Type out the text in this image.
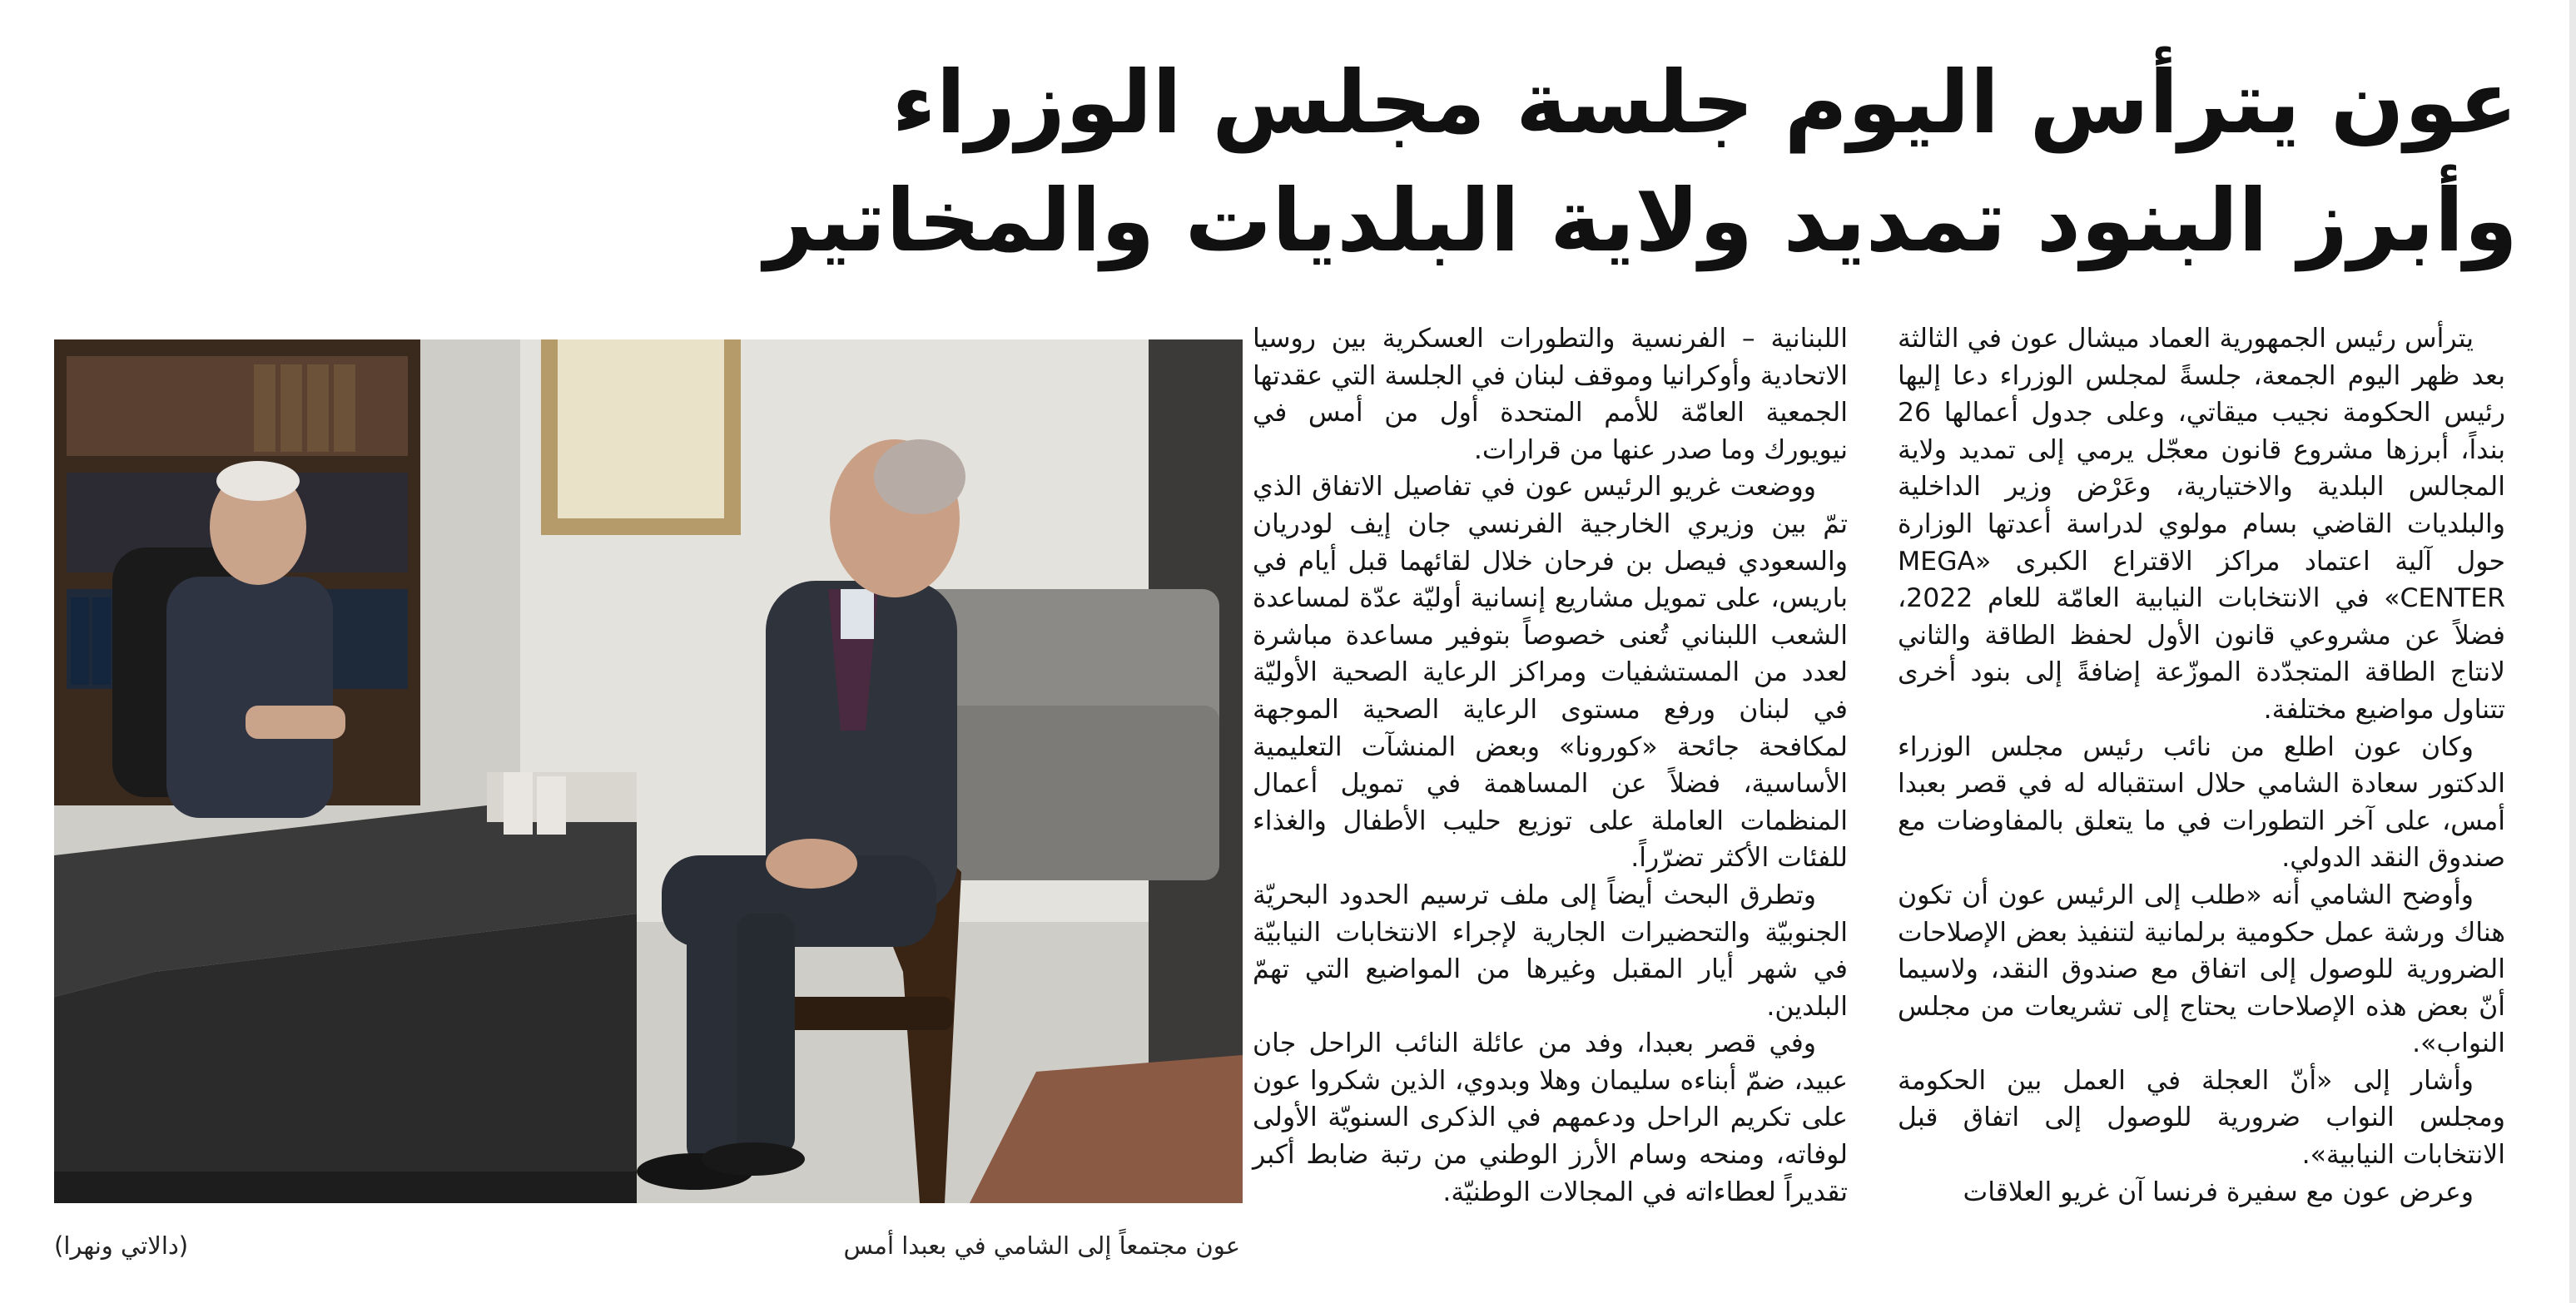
عون يترأس اليوم جلسة مجلس الوزراء
وأبرز البنود تمديد ولاية البلديات والمخاتير

يترأس رئيس الجمهورية العماد ميشال عون في الثالثة بعد ظهر اليوم الجمعة، جلسةً لمجلس الوزراء دعا إليها رئيس الحكومة نجيب ميقاتي، وعلى جدول أعمالها 26 بنداً، أبرزها مشروع قانون معجّل يرمي إلى تمديد ولاية المجالس البلدية والاختيارية، وعَرْض وزير الداخلية والبلديات القاضي بسام مولوي لدراسة أعدتها الوزارة حول آلية اعتماد مراكز الاقتراع الكبرى «MEGA CENTER» في الانتخابات النيابية العامّة للعام 2022، فضلاً عن مشروعي قانون الأول لحفظ الطاقة والثاني لانتاج الطاقة المتجدّدة الموزّعة إضافةً إلى بنود أخرى تتناول مواضيع مختلفة.

وكان عون اطلع من نائب رئيس مجلس الوزراء الدكتور سعادة الشامي حلال استقباله له في قصر بعبدا أمس، على آخر التطورات في ما يتعلق بالمفاوضات مع صندوق النقد الدولي.

وأوضح الشامي أنه «طلب إلى الرئيس عون أن تكون هناك ورشة عمل حكومية برلمانية لتنفيذ بعض الإصلاحات الضرورية للوصول إلى اتفاق مع صندوق النقد، ولاسيما أنّ بعض هذه الإصلاحات يحتاج إلى تشريعات من مجلس النواب».

وأشار إلى «أنّ العجلة في العمل بين الحكومة ومجلس النواب ضرورية للوصول إلى اتفاق قبل الانتخابات النيابية».

وعرض عون مع سفيرة فرنسا آن غريو العلاقات

اللبنانية – الفرنسية والتطورات العسكرية بين روسيا الاتحادية وأوكرانيا وموقف لبنان في الجلسة التي عقدتها الجمعية العامّة للأمم المتحدة أول من أمس في نيويورك وما صدر عنها من قرارات.

ووضعت غريو الرئيس عون في تفاصيل الاتفاق الذي تمّ بين وزيري الخارجية الفرنسي جان إيف لودريان والسعودي فيصل بن فرحان خلال لقائهما قبل أيام في باريس، على تمويل مشاريع إنسانية أوليّة عدّة لمساعدة الشعب اللبناني تُعنى خصوصاً بتوفير مساعدة مباشرة لعدد من المستشفيات ومراكز الرعاية الصحية الأوليّة في لبنان ورفع مستوى الرعاية الصحية الموجهة لمكافحة جائحة «كورونا» وبعض المنشآت التعليمية الأساسية، فضلاً عن المساهمة في تمويل أعمال المنظمات العاملة على توزيع حليب الأطفال والغذاء للفئات الأكثر تضرّراً.

وتطرق البحث أيضاً إلى ملف ترسيم الحدود البحريّة الجنوبيّة والتحضيرات الجارية لإجراء الانتخابات النيابيّة في شهر أيار المقبل وغيرها من المواضيع التي تهمّ البلدين.

وفي قصر بعبدا، وفد من عائلة النائب الراحل جان عبيد، ضمّ أبناءه سليمان وهلا وبدوي، الذين شكروا عون على تكريم الراحل ودعمهم في الذكرى السنويّة الأولى لوفاته، ومنحه وسام الأرز الوطني من رتبة ضابط أكبر تقديراً لعطاءاته في المجالات الوطنيّة.

عون مجتمعاً إلى الشامي في بعبدا أمس
(دالاتي ونهرا)
